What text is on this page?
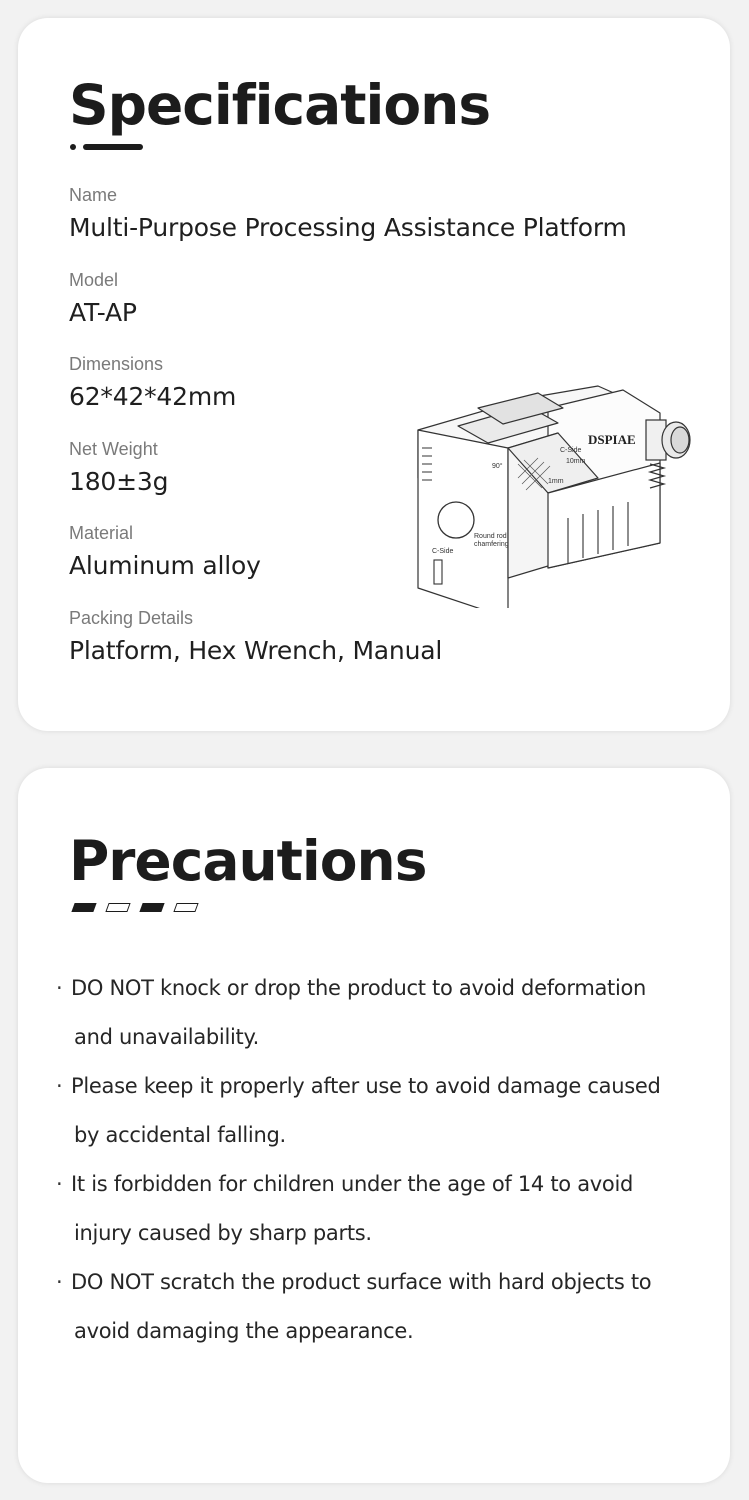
Specifications
Name
Multi-Purpose Processing Assistance Platform
Model
AT-AP
Dimensions
62*42*42mm
Net Weight
180±3g
Material
Aluminum alloy
Packing Details
Platform, Hex Wrench, Manual
DSPIAE
C-Side
10mm
1mm
90°
Round rod
chamfering
C-Side
Precautions
· DO NOT knock or drop the product to avoid deformation
and unavailability.
· Please keep it properly after use to avoid damage caused
by accidental falling.
· It is forbidden for children under the age of 14 to avoid
injury caused by sharp parts.
· DO NOT scratch the product surface with hard objects to
avoid damaging the appearance.
